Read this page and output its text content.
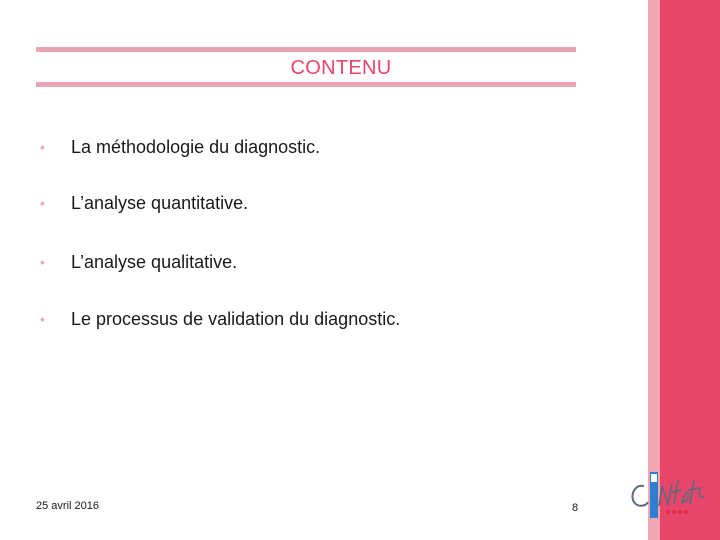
CONTENU
• La méthodologie du diagnostic.
• L’analyse quantitative.
• L’analyse qualitative.
• Le processus de validation du diagnostic.
25 avril 2016	8
